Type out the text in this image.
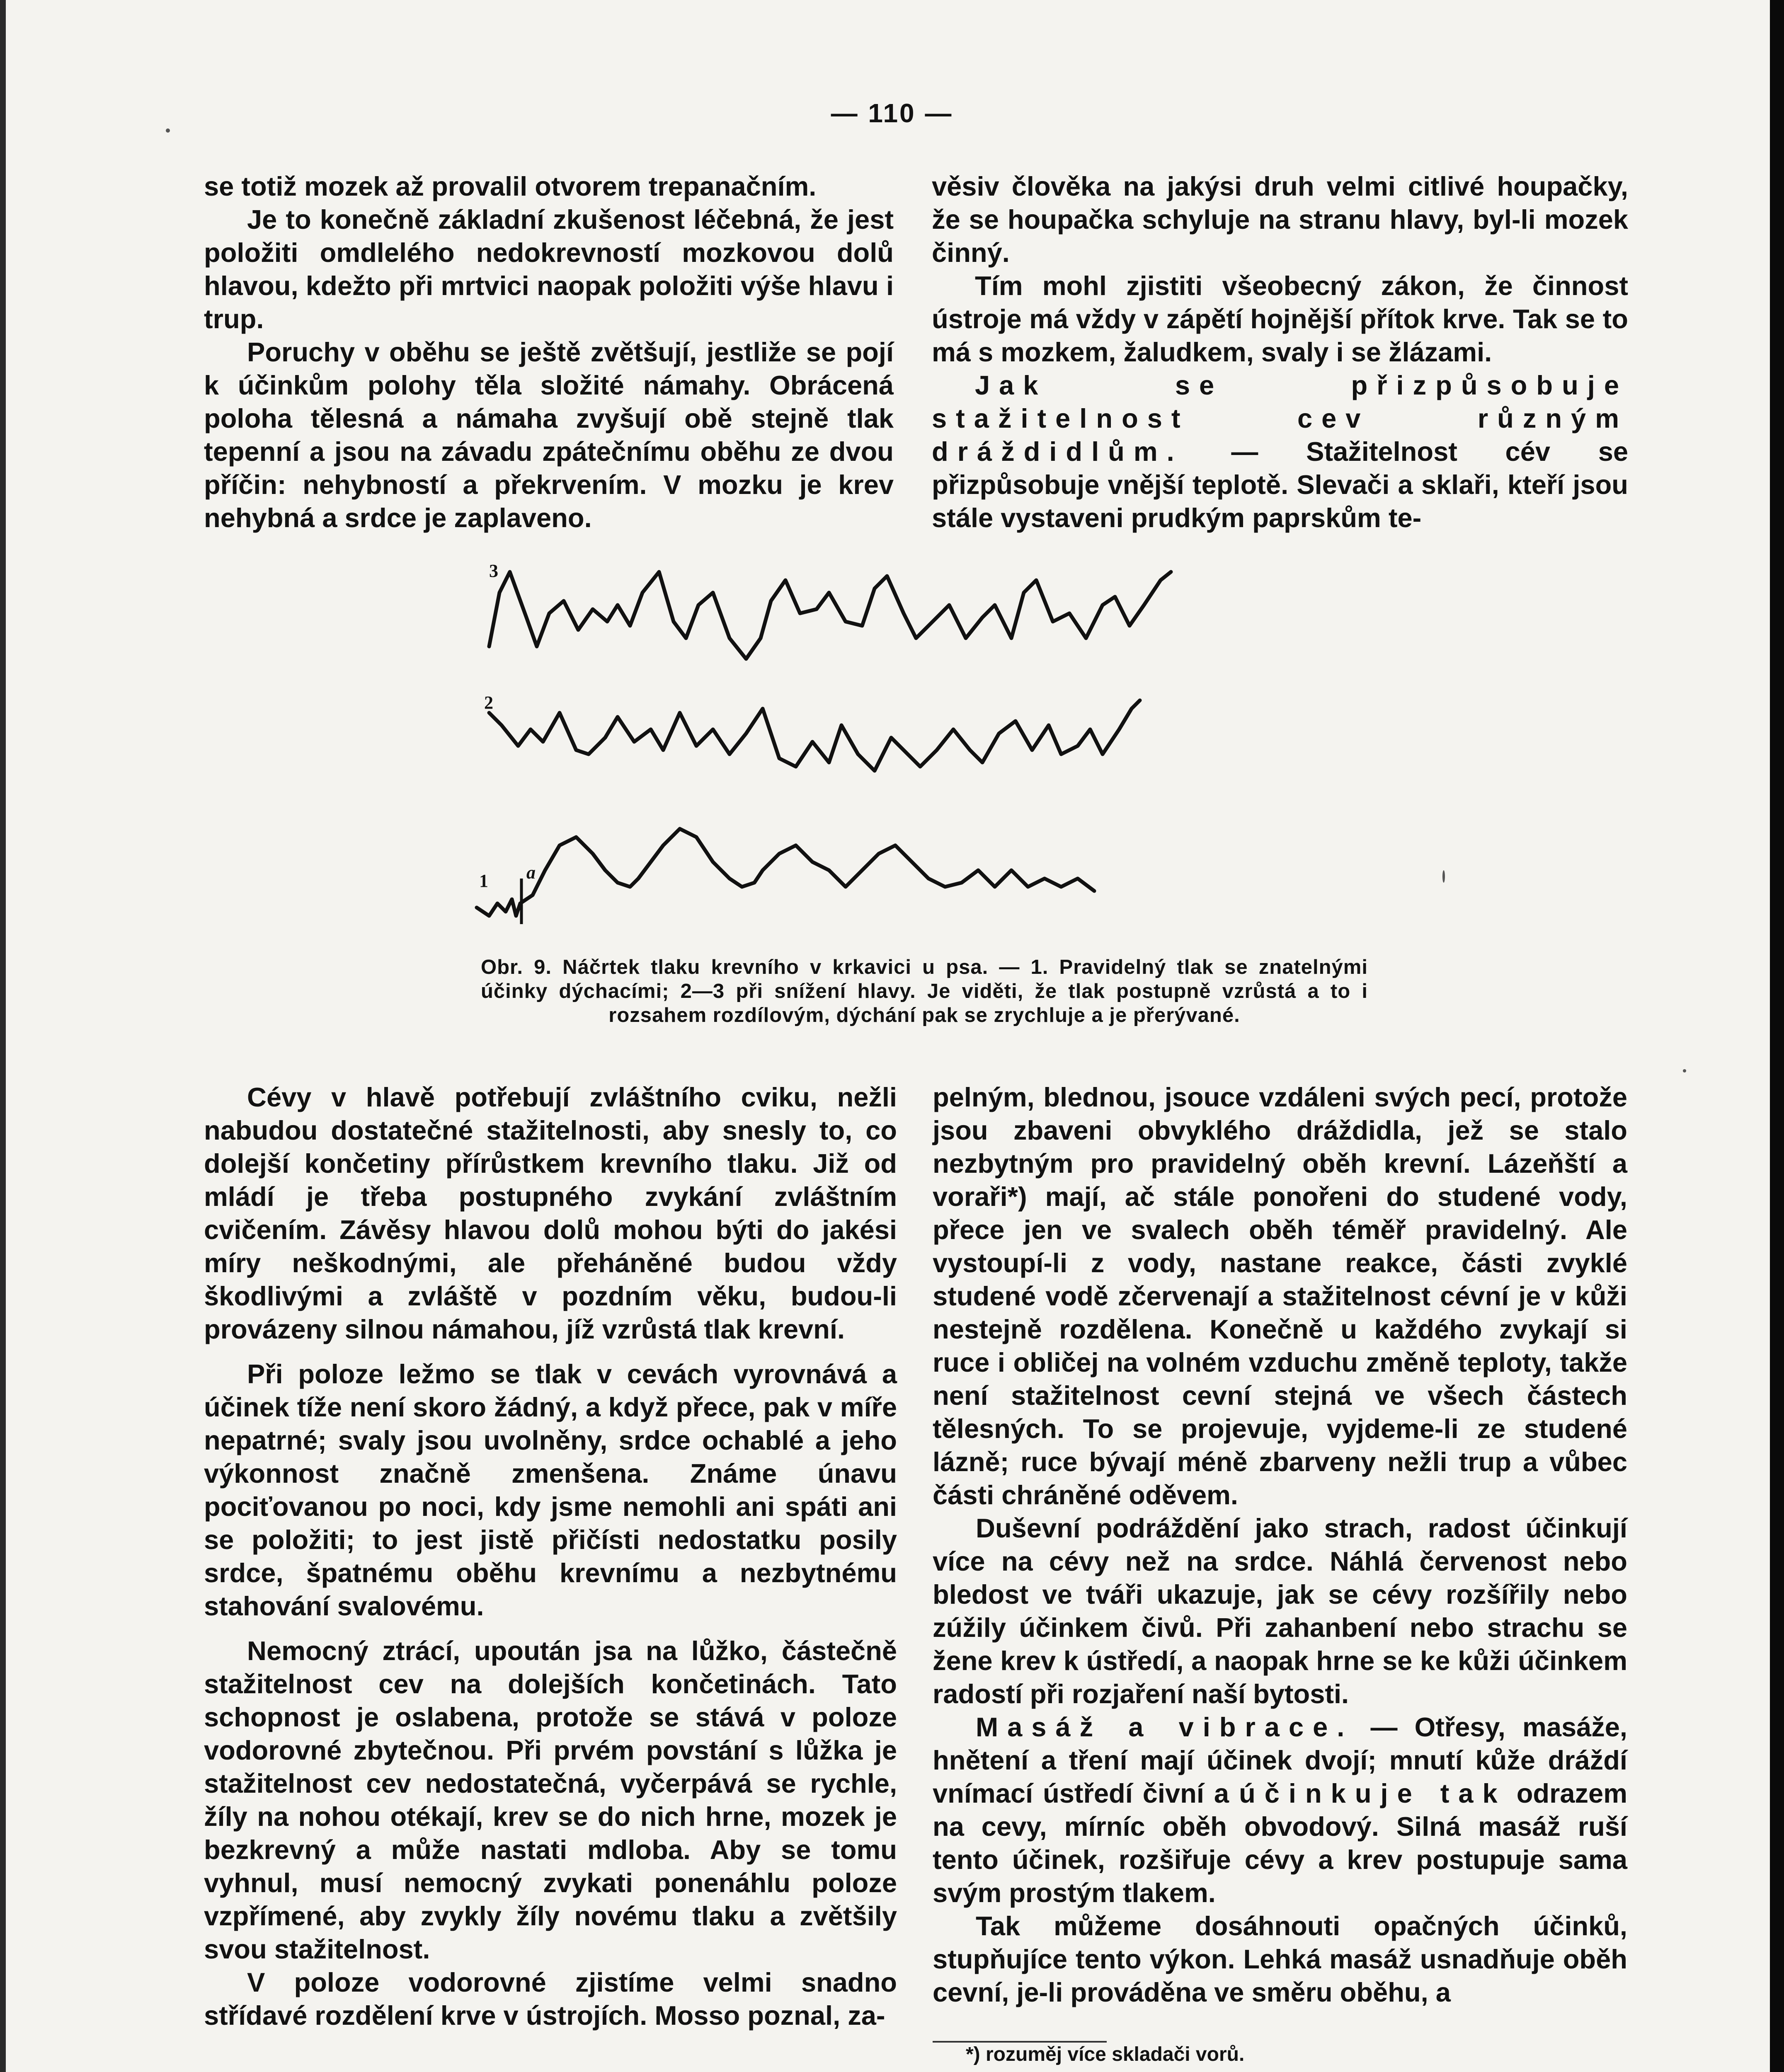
— 110 —

se totiž mozek až provalil otvorem trepanačním.

Je to konečně základní zkušenost léčebná, že jest položiti omdlelého nedokrevností mozkovou dolů hlavou, kdežto při mrtvici naopak položiti výše hlavu i trup.

Poruchy v oběhu se ještě zvětšují, jestliže se pojí k účinkům polohy těla složité námahy. Obrácená poloha tělesná a námaha zvyšují obě stejně tlak tepenní a jsou na závadu zpátečnímu oběhu ze dvou příčin: nehybností a překrvením. V mozku je krev nehybná a srdce je zaplaveno.

věsiv člověka na jakýsi druh velmi citlivé houpačky, že se houpačka schyluje na stranu hlavy, byl-li mozek činný.

Tím mohl zjistiti všeobecný zákon, že činnost ústroje má vždy v zápětí hojnější přítok krve. Tak se to má s mozkem, žaludkem, svaly i se žlázami.

Jak se přizpůsobuje stažitelnost cev různým dráždidlům. — Stažitelnost cév se přizpůsobuje vnější teplotě. Slevači a sklaři, kteří jsou stále vystaveni prudkým paprskům te-

3
2
1 a

Obr. 9. Náčrtek tlaku krevního v krkavici u psa. — 1. Pravidelný tlak se znatelnými účinky dýchacími; 2—3 při snížení hlavy. Je viděti, že tlak postupně vzrůstá a to i rozsahem rozdílovým, dýchání pak se zrychluje a je přerývané.

Cévy v hlavě potřebují zvláštního cviku, nežli nabudou dostatečné stažitelnosti, aby snesly to, co dolejší končetiny přírůstkem krevního tlaku. Již od mládí je třeba postupného zvykání zvláštním cvičením. Závěsy hlavou dolů mohou býti do jakési míry neškodnými, ale přeháněné budou vždy škodlivými a zvláště v pozdním věku, budou-li provázeny silnou námahou, jíž vzrůstá tlak krevní.

Při poloze ležmo se tlak v cevách vyrovnává a účinek tíže není skoro žádný, a když přece, pak v míře nepatrné; svaly jsou uvolněny, srdce ochablé a jeho výkonnost značně zmenšena. Známe únavu pociťovanou po noci, kdy jsme nemohli ani spáti ani se položiti; to jest jistě přičísti nedostatku posily srdce, špatnému oběhu krevnímu a nezbytnému stahování svalovému.

Nemocný ztrácí, upoután jsa na lůžko, částečně stažitelnost cev na dolejších končetinách. Tato schopnost je oslabena, protože se stává v poloze vodorovné zbytečnou. Při prvém povstání s lůžka je stažitelnost cev nedostatečná, vyčerpává se rychle, žíly na nohou otékají, krev se do nich hrne, mozek je bezkrevný a může nastati mdloba. Aby se tomu vyhnul, musí nemocný zvykati ponenáhlu poloze vzpřímené, aby zvykly žíly novému tlaku a zvětšily svou stažitelnost.

V poloze vodorovné zjistíme velmi snadno střídavé rozdělení krve v ústrojích. Mosso poznal, za-

pelným, blednou, jsouce vzdáleni svých pecí, protože jsou zbaveni obvyklého dráždidla, jež se stalo nezbytným pro pravidelný oběh krevní. Lázeňští a voraři*) mají, ač stále ponořeni do studené vody, přece jen ve svalech oběh téměř pravidelný. Ale vystoupí-li z vody, nastane reakce, části zvyklé studené vodě zčervenají a stažitelnost cévní je v kůži nestejně rozdělena. Konečně u každého zvykají si ruce i obličej na volném vzduchu změně teploty, takže není stažitelnost cevní stejná ve všech částech tělesných. To se projevuje, vyjdeme-li ze studené lázně; ruce bývají méně zbarveny nežli trup a vůbec části chráněné oděvem.

Duševní podráždění jako strach, radost účinkují více na cévy než na srdce. Náhlá červenost nebo bledost ve tváři ukazuje, jak se cévy rozšířily nebo zúžily účinkem čivů. Při zahanbení nebo strachu se žene krev k ústředí, a naopak hrne se ke kůži účinkem radostí při rozjaření naší bytosti.

Masáž a vibrace. — Otřesy, masáže, hnětení a tření mají účinek dvojí; mnutí kůže dráždí vnímací ústředí čivní a účinkuje tak odrazem na cevy, mírníc oběh obvodový. Silná masáž ruší tento účinek, rozšiřuje cévy a krev postupuje sama svým prostým tlakem.

Tak můžeme dosáhnouti opačných účinků, stupňujíce tento výkon. Lehká masáž usnadňuje oběh cevní, je-li prováděna ve směru oběhu, a

*) rozuměj více skladači vorů.
